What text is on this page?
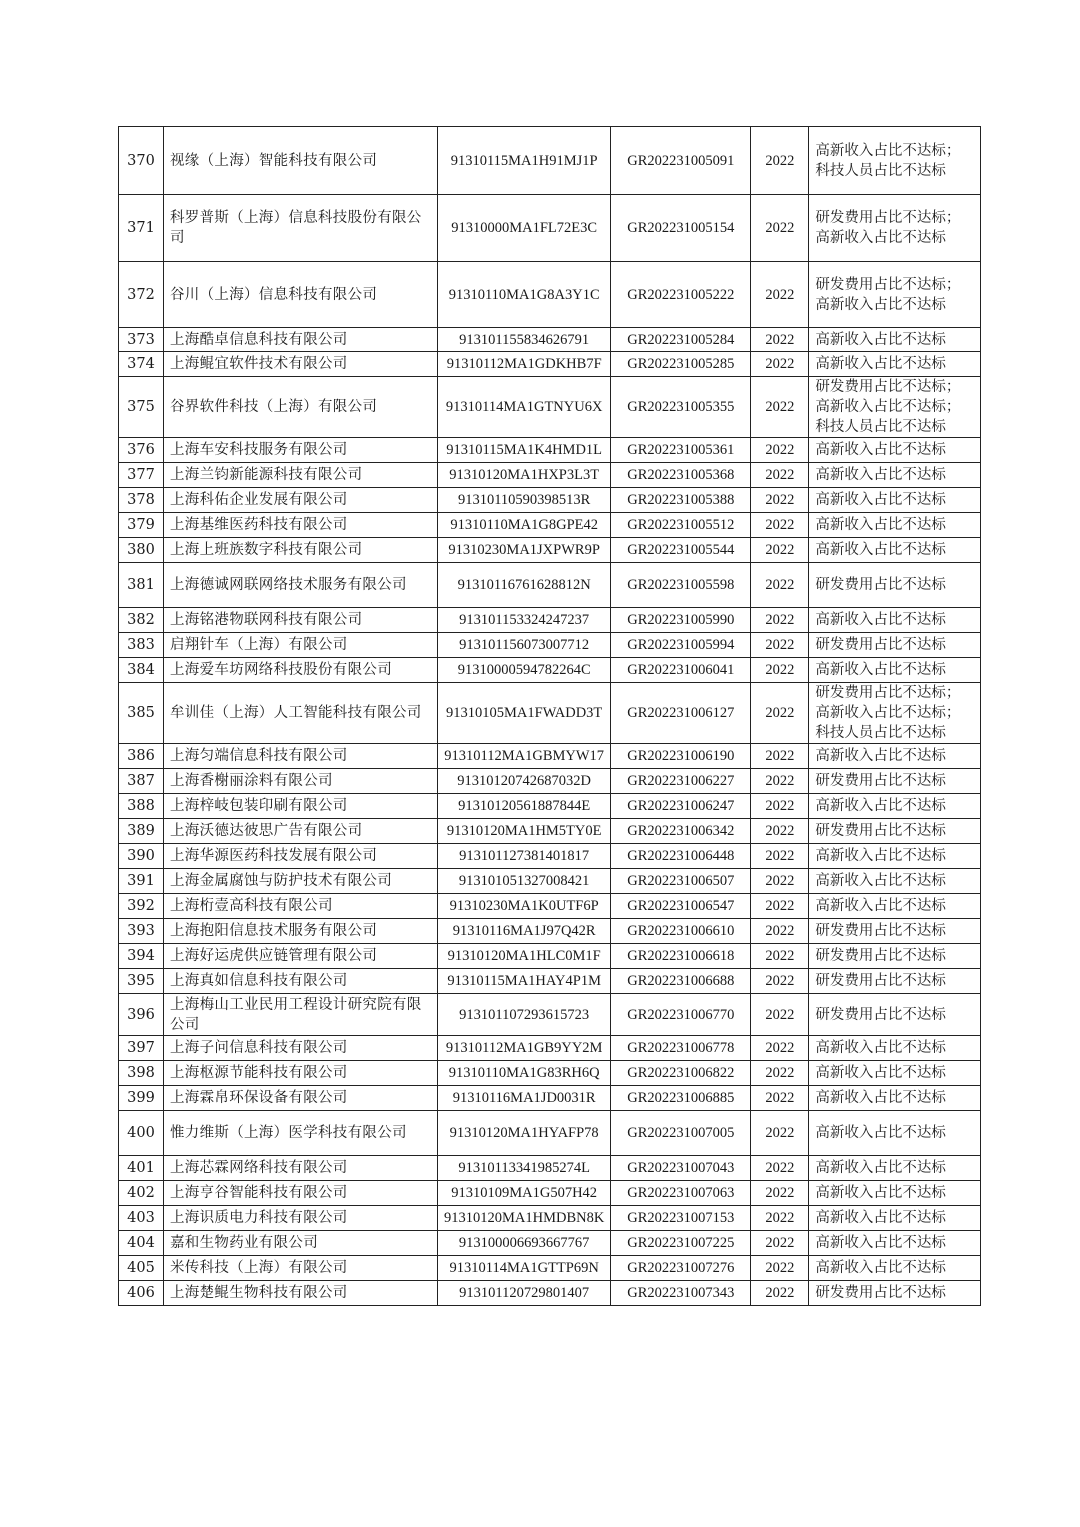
370	视缘（上海）智能科技有限公司	91310115MA1H91MJ1P	GR202231005091	2022	高新收入占比不达标；
科技人员占比不达标

371	科罗普斯（上海）信息科技股份有限公司	91310000MA1FL72E3C	GR202231005154	2022	研发费用占比不达标；
高新收入占比不达标

372	谷川（上海）信息科技有限公司	91310110MA1G8A3Y1C	GR202231005222	2022	研发费用占比不达标；
高新收入占比不达标

373	上海酷卓信息科技有限公司	913101155834626791	GR202231005284	2022	高新收入占比不达标

374	上海鲲宜软件技术有限公司	91310112MA1GDKHB7F	GR202231005285	2022	高新收入占比不达标

375	谷界软件科技（上海）有限公司	91310114MA1GTNYU6X	GR202231005355	2022	研发费用占比不达标；
高新收入占比不达标；
科技人员占比不达标

376	上海车安科技服务有限公司	91310115MA1K4HMD1L	GR202231005361	2022	高新收入占比不达标

377	上海兰钧新能源科技有限公司	91310120MA1HXP3L3T	GR202231005368	2022	高新收入占比不达标

378	上海科佑企业发展有限公司	91310110590398513R	GR202231005388	2022	高新收入占比不达标

379	上海基维医药科技有限公司	91310110MA1G8GPE42	GR202231005512	2022	高新收入占比不达标

380	上海上班族数字科技有限公司	91310230MA1JXPWR9P	GR202231005544	2022	高新收入占比不达标

381	上海德诚网联网络技术服务有限公司	91310116761628812N	GR202231005598	2022	研发费用占比不达标

382	上海铭港物联网科技有限公司	913101153324247237	GR202231005990	2022	高新收入占比不达标

383	启翔针车（上海）有限公司	913101156073007712	GR202231005994	2022	研发费用占比不达标

384	上海爱车坊网络科技股份有限公司	91310000594782264C	GR202231006041	2022	高新收入占比不达标

385	牟训佳（上海）人工智能科技有限公司	91310105MA1FWADD3T	GR202231006127	2022	研发费用占比不达标；
高新收入占比不达标；
科技人员占比不达标

386	上海匀端信息科技有限公司	91310112MA1GBMYW17	GR202231006190	2022	高新收入占比不达标

387	上海香榭丽涂料有限公司	91310120742687032D	GR202231006227	2022	研发费用占比不达标

388	上海梓岐包装印刷有限公司	91310120561887844E	GR202231006247	2022	高新收入占比不达标

389	上海沃德达彼思广告有限公司	91310120MA1HM5TY0E	GR202231006342	2022	研发费用占比不达标

390	上海华源医药科技发展有限公司	913101127381401817	GR202231006448	2022	高新收入占比不达标

391	上海金属腐蚀与防护技术有限公司	913101051327008421	GR202231006507	2022	高新收入占比不达标

392	上海桁壹高科技有限公司	91310230MA1K0UTF6P	GR202231006547	2022	高新收入占比不达标

393	上海抱阳信息技术服务有限公司	91310116MA1J97Q42R	GR202231006610	2022	研发费用占比不达标

394	上海好运虎供应链管理有限公司	91310120MA1HLC0M1F	GR202231006618	2022	研发费用占比不达标

395	上海真如信息科技有限公司	91310115MA1HAY4P1M	GR202231006688	2022	研发费用占比不达标

396	上海梅山工业民用工程设计研究院有限公司	913101107293615723	GR202231006770	2022	研发费用占比不达标

397	上海子问信息科技有限公司	91310112MA1GB9YY2M	GR202231006778	2022	高新收入占比不达标

398	上海枢源节能科技有限公司	91310110MA1G83RH6Q	GR202231006822	2022	高新收入占比不达标

399	上海霖帛环保设备有限公司	91310116MA1JD0031R	GR202231006885	2022	高新收入占比不达标

400	惟力维斯（上海）医学科技有限公司	91310120MA1HYAFP78	GR202231007005	2022	高新收入占比不达标

401	上海芯霖网络科技有限公司	91310113341985274L	GR202231007043	2022	高新收入占比不达标

402	上海亨谷智能科技有限公司	91310109MA1G507H42	GR202231007063	2022	高新收入占比不达标

403	上海识质电力科技有限公司	91310120MA1HMDBN8K	GR202231007153	2022	高新收入占比不达标

404	嘉和生物药业有限公司	913100006693667767	GR202231007225	2022	高新收入占比不达标

405	米传科技（上海）有限公司	91310114MA1GTTP69N	GR202231007276	2022	高新收入占比不达标

406	上海楚鲲生物科技有限公司	913101120729801407	GR202231007343	2022	研发费用占比不达标
